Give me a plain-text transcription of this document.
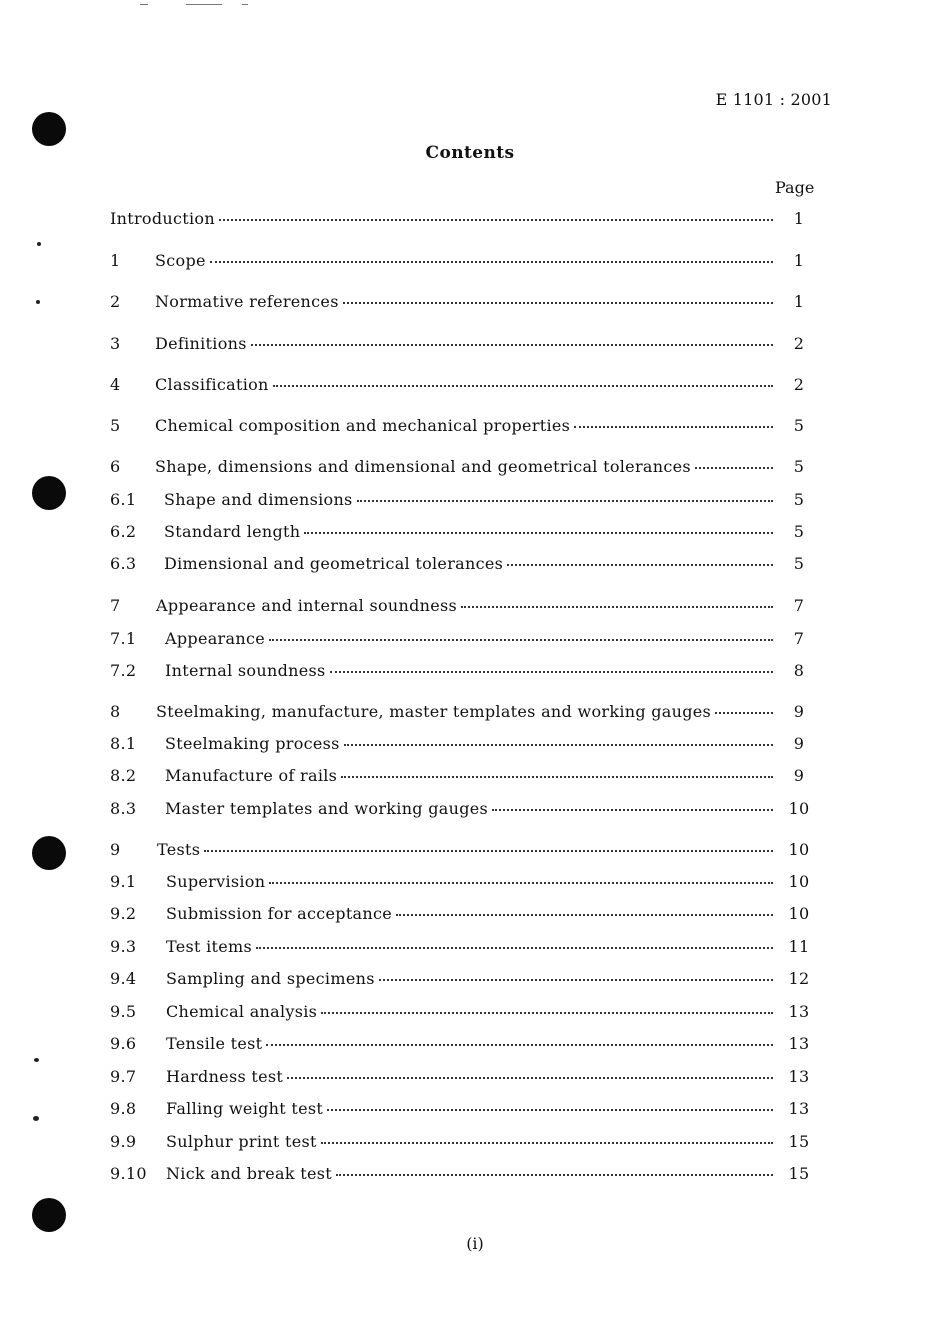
E 1101 : 2001
Contents
Page
Introduction	1
1	Scope	1
2	Normative references	1
3	Definitions	2
4	Classification	2
5	Chemical composition and mechanical properties	5
6	Shape, dimensions and dimensional and geometrical tolerances	5
6.1	Shape and dimensions	5
6.2	Standard length	5
6.3	Dimensional and geometrical tolerances	5
7	Appearance and internal soundness	7
7.1	Appearance	7
7.2	Internal soundness	8
8	Steelmaking, manufacture, master templates and working gauges	9
8.1	Steelmaking process	9
8.2	Manufacture of rails	9
8.3	Master templates and working gauges	10
9	Tests	10
9.1	Supervision	10
9.2	Submission for acceptance	10
9.3	Test items	11
9.4	Sampling and specimens	12
9.5	Chemical analysis	13
9.6	Tensile test	13
9.7	Hardness test	13
9.8	Falling weight test	13
9.9	Sulphur print test	15
9.10	Nick and break test	15
(i)
